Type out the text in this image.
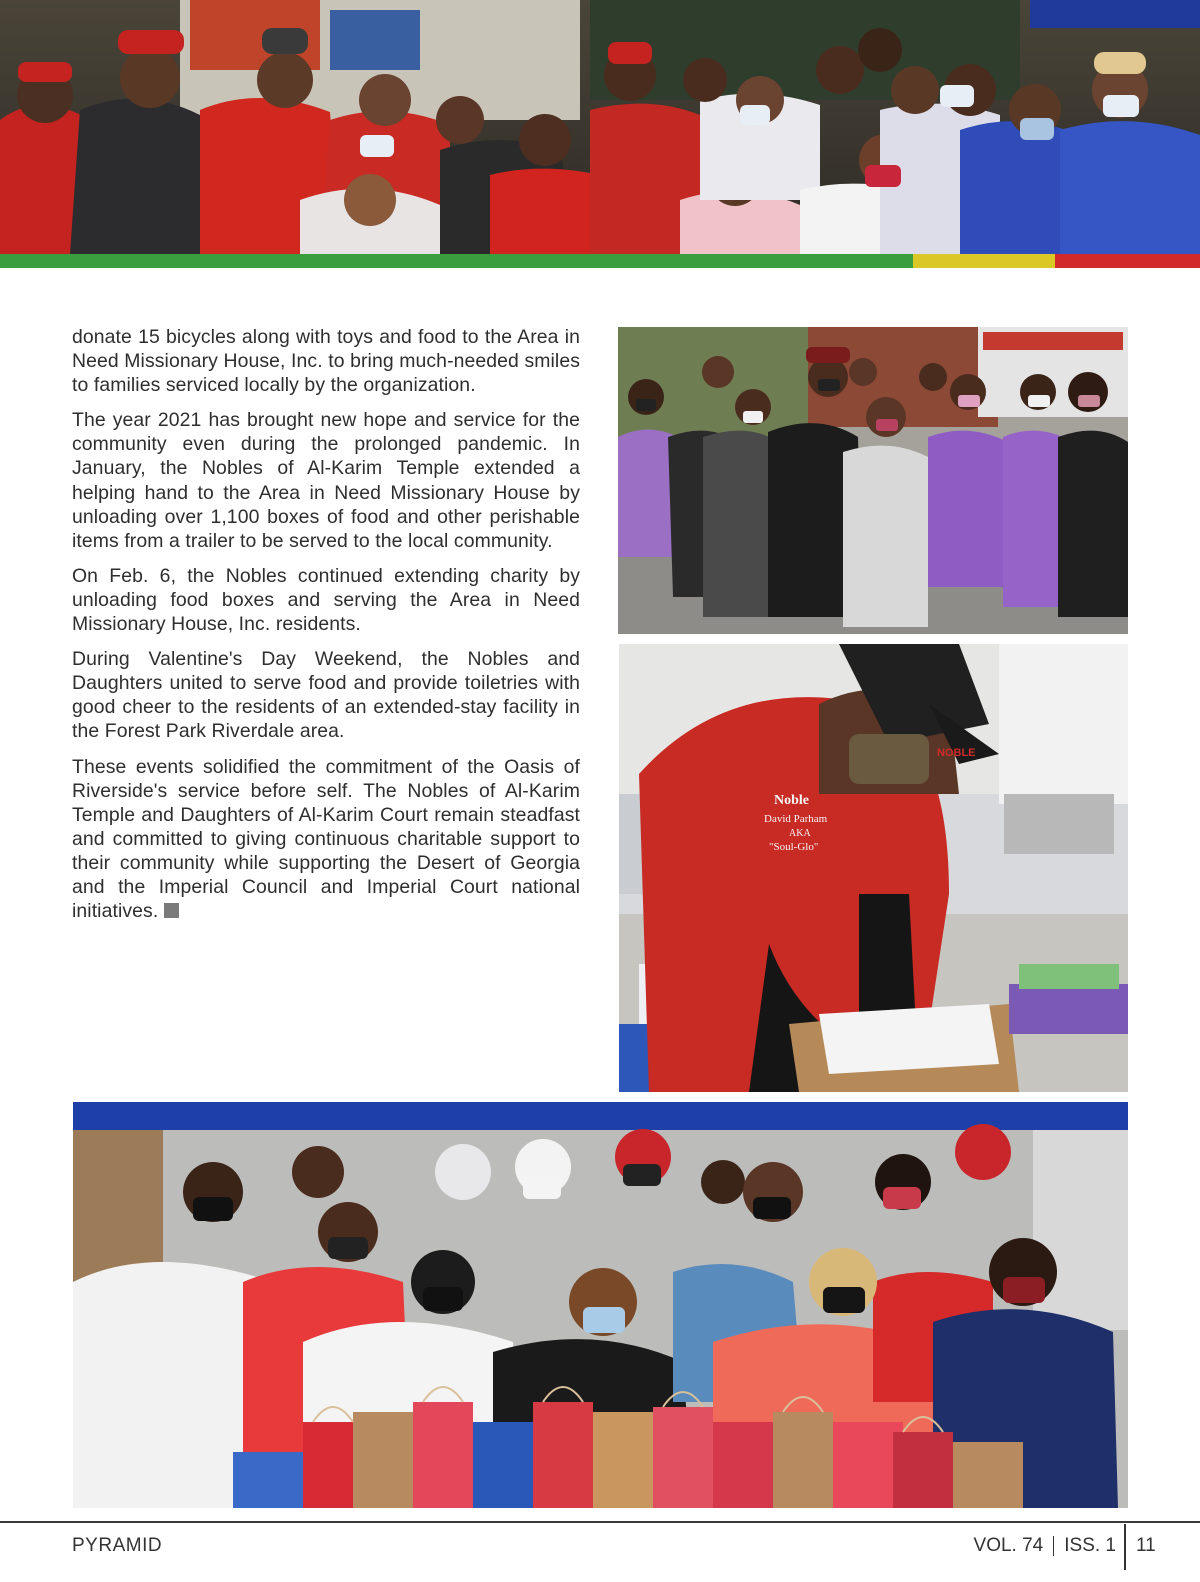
donate 15 bicycles along with toys and food to the Area in Need Missionary House, Inc. to bring much-needed smiles to families serviced locally by the organization.

The year 2021 has brought new hope and service for the community even during the prolonged pandemic. In January, the Nobles of Al-Karim Temple extended a helping hand to the Area in Need Missionary House by unloading over 1,100 boxes of food and other perishable items from a trailer to be served to the local community.

On Feb. 6, the Nobles continued extending charity by unloading food boxes and serving the Area in Need Missionary House, Inc. residents.

During Valentine's Day Weekend, the Nobles and Daughters united to serve food and provide toiletries with good cheer to the residents of an extended-stay facility in the Forest Park Riverdale area.

These events solidified the commitment of the Oasis of Riverside's service before self. The Nobles of Al-Karim Temple and Daughters of Al-Karim Court remain steadfast and committed to giving continuous charitable support to their community while supporting the Desert of Georgia and the Imperial Council and Imperial Court national initiatives.

Noble
David Parham
AKA
"Soul-Glo"
NOBLE
PYRAMID	VOL. 74 ISS. 1	11
